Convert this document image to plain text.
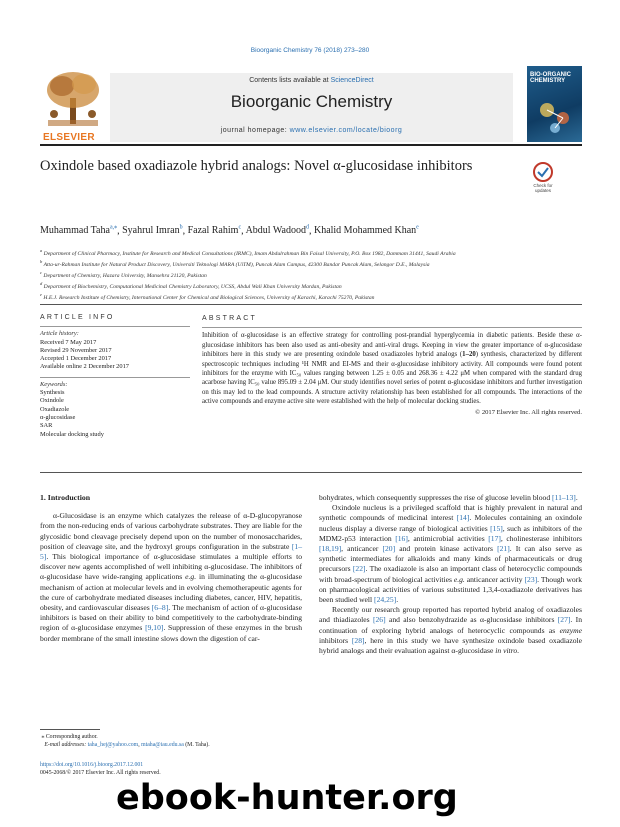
Bioorganic Chemistry 76 (2018) 273–280
ELSEVIER
Contents lists available at ScienceDirect
Bioorganic Chemistry
journal homepage: www.elsevier.com/locate/bioorg
BIO-ORGANIC
CHEMISTRY
Oxindole based oxadiazole hybrid analogs: Novel α-glucosidase inhibitors
Check for updates
Muhammad Taha$^{a,⁎}$, Syahrul Imran$^b$, Fazal Rahim$^c$, Abdul Wadood$^d$, Khalid Mohammed Khan$^e$
$^a$ Department of Clinical Pharmacy, Institute for Research and Medical Consultations (IRMC), Imam Abdulrahman Bin Faisal University, P.O. Box 1982, Dammam 31441, Saudi Arabia
$^b$ Atta-ur-Rahman Institute for Natural Product Discovery, Universiti Teknologi MARA (UiTM), Puncak Alam Campus, 42300 Bandar Puncak Alam, Selangor D.E., Malaysia
$^c$ Department of Chemistry, Hazara University, Mansehra 21120, Pakistan
$^d$ Department of Biochemistry, Computational Medicinal Chemistry Laboratory, UCSS, Abdul Wali Khan University Mardan, Pakistan
$^e$ H.E.J. Research Institute of Chemistry, International Center for Chemical and Biological Sciences, University of Karachi, Karachi 75270, Pakistan
ARTICLE INFO
Article history:
Received 7 May 2017
Revised 29 November 2017
Accepted 1 December 2017
Available online 2 December 2017
Keywords:
Synthesis
Oxindole
Oxadiazole
α-glucosidase
SAR
Molecular docking study
ABSTRACT
Inhibition of α-glucosidase is an effective strategy for controlling post-prandial hyperglycemia in diabetic patients. Beside these α-glucosidase inhibitors has been also used as anti-obesity and anti-viral drugs. Keeping in view the greater importance of α-glucosidase inhibitors here in this study we are presenting oxindole based oxadiazoles hybrid analogs (1–20) synthesis, characterized by different spectroscopic techniques including ¹H NMR and EI-MS and their α-glucosidase inhibitory activity. All compounds were found potent inhibitors for the enzyme with IC₅₀ values ranging between 1.25 ± 0.05 and 268.36 ± 4.22 μM when compared with the standard drug acarbose having IC₅₀ value 895.09 ± 2.04 μM. Our study identifies novel series of potent α-glucosidase inhibitors and further investigation on this may led to the lead compounds. A structure activity relationship has been established for all compounds. The interactions of the active compounds and enzyme active site were established with the help of molecular docking studies.
© 2017 Elsevier Inc. All rights reserved.

1. Introduction

α-Glucosidase is an enzyme which catalyzes the release of α-D-glucopyranose from the non-reducing ends of various carbohydrate substrates. They are liable for the glycosidic bond cleavage precisely depend upon on the number of monosaccharides, position of cleavage site, and the hydroxyl groups configuration in the substrate [1–5]. This biological importance of α-glucosidase stimulates a multiple efforts to discover new agents accomplished of well inhibiting α-glucosidase. The inhibitors of α-glucosidase have wide-ranging applications e.g. in illuminating the α-glucosidase mechanism of action at molecular levels and in evolving chemotherapeutic agents for the cure of carbohydrate mediated diseases including diabetes, cancer, HIV, hepatitis, obesity, and cardiovascular diseases [6–8]. The mechanism of action of α-glucosidase inhibitors is based on their ability to bind competitively to the carbohydrate-binding region of α-glucosidase enzymes [9,10]. Suppression of these enzymes in the brush border membrane of the small intestine slows down the digestion of car-

bohydrates, which consequently suppresses the rise of glucose levelin blood [11–13].

Oxindole nucleus is a privileged scaffold that is highly prevalent in natural and synthetic compounds of medicinal interest [14]. Molecules containing an oxindole nucleus display a diverse range of biological activities [15], such as inhibitors of the MDM2-p53 interaction [16], antimicrobial activities [17], cholinesterase inhibitors [18,19], anticancer [20] and protein kinase activators [21]. It can also serve as synthetic intermediates for alkaloids and many kinds of pharmaceuticals or drug precursors [22]. The oxadiazole is also an important class of heterocyclic compounds with broad-spectrum of biological activities e.g. anticancer activity [23]. Though work on pharmacological activities of various substituted 1,3,4-oxadiazole derivatives has been studied well [24,25].

Recently our research group reported has reported hybrid analog of oxadiazoles and thiadiazoles [26] and also benzohydrazide as α-glucosidase inhibitors [27]. In continuation of exploring hybrid analogs of heterocyclic compounds as enzyme inhibitors [28], here in this study we have synthesize oxindole based oxadiazole hybrid analogs and their evaluation against α-glucosidase in vitro.

⁎ Corresponding author.
E-mail addresses: taha_hej@yahoo.com, mtaha@iau.edu.sa (M. Taha).
https://doi.org/10.1016/j.bioorg.2017.12.001
0045-2068/© 2017 Elsevier Inc. All rights reserved.
ebook-hunter.org
